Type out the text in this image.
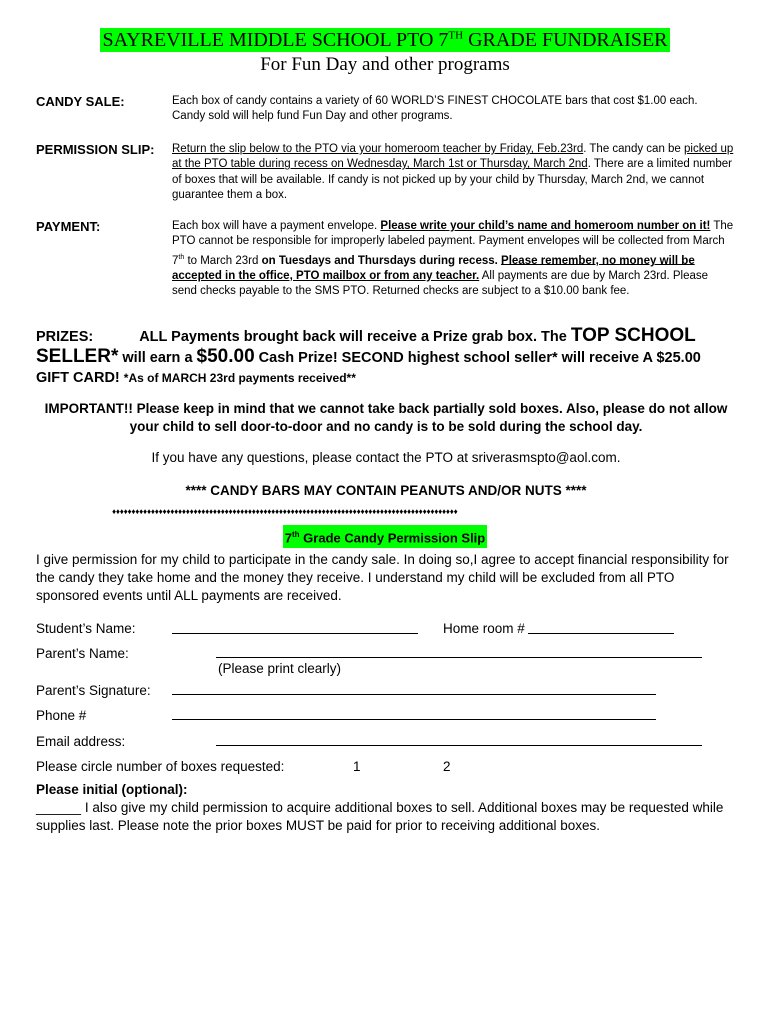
SAYREVILLE MIDDLE SCHOOL PTO 7TH GRADE FUNDRAISER
For Fun Day and other programs
CANDY SALE:	Each box of candy contains a variety of 60 WORLD’S FINEST CHOCOLATE bars that cost $1.00 each. Candy sold will help fund Fun Day and other programs.
PERMISSION SLIP: Return the slip below to the PTO via your homeroom teacher by Friday, Feb.23rd. The candy can be picked up at the PTO table during recess on Wednesday, March 1st or Thursday, March 2nd. There are a limited number of boxes that will be available. If candy is not picked up by your child by Thursday, March 2nd, we cannot guarantee them a box.
PAYMENT:	Each box will have a payment envelope. Please write your child’s name and homeroom number on it! The PTO cannot be responsible for improperly labeled payment. Payment envelopes will be collected from March 7th to March 23rd on Tuesdays and Thursdays during recess. Please remember, no money will be accepted in the office, PTO mailbox or from any teacher. All payments are due by March 23rd. Please send checks payable to the SMS PTO. Returned checks are subject to a $10.00 bank fee.
PRIZES:	ALL Payments brought back will receive a Prize grab box. The TOP SCHOOL
SELLER* will earn a $50.00 Cash Prize! SECOND highest school seller* will receive A $25.00
GIFT CARD! *As of MARCH 23rd payments received**
IMPORTANT!! Please keep in mind that we cannot take back partially sold boxes. Also, please do not allow your child to sell door-to-door and no candy is to be sold during the school day.
If you have any questions, please contact the PTO at sriverasmspto@aol.com.
**** CANDY BARS MAY CONTAIN PEANUTS AND/OR NUTS ****
♦♦♦♦♦♦♦♦♦♦♦♦♦♦♦♦♦♦♦♦♦♦♦♦♦♦♦♦♦♦♦♦♦♦♦♦♦♦♦♦♦♦♦♦♦♦♦♦♦♦♦♦♦♦♦♦♦♦♦♦♦♦♦♦♦♦♦♦♦♦♦♦♦♦♦♦♦♦♦♦♦♦♦♦♦♦♦♦♦
7th Grade Candy Permission Slip
I give permission for my child to participate in the candy sale. In doing so,I agree to accept financial responsibility for the candy they take home and the money they receive. I understand my child will be excluded from all PTO sponsored events until ALL payments are received.
Student’s Name:	Home room #
Parent’s Name:
(Please print clearly)
Parent’s Signature:
Phone #
Email address:
Please circle number of boxes requested:	1	2
Please initial (optional):
______ I also give my child permission to acquire additional boxes to sell. Additional boxes may be requested while supplies last. Please note the prior boxes MUST be paid for prior to receiving additional boxes.
